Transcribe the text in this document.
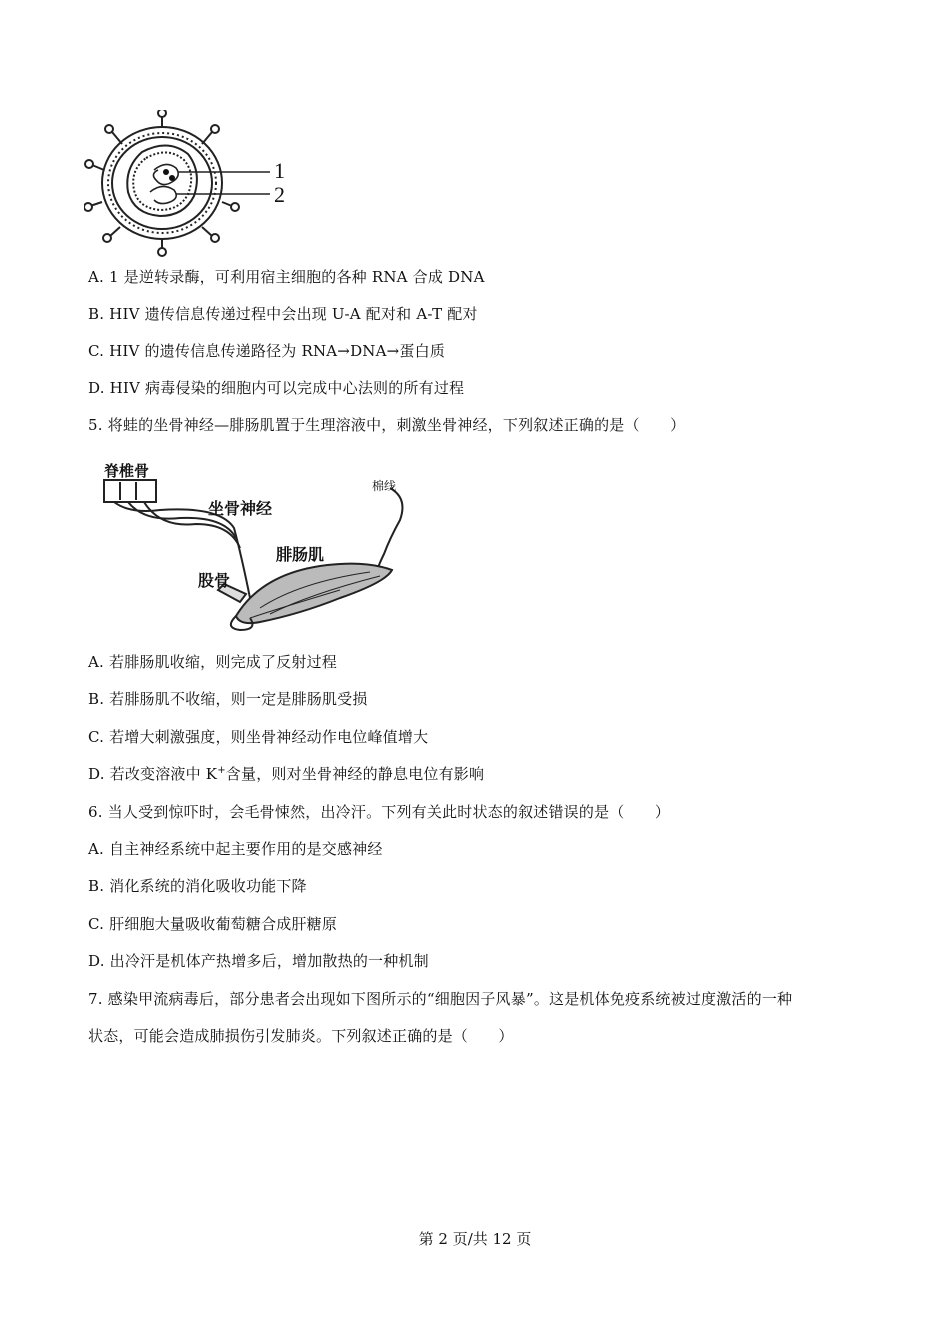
1
2
A. 1 是逆转录酶，可利用宿主细胞的各种 RNA 合成 DNA
B. HIV 遗传信息传递过程中会出现 U-A 配对和 A-T 配对
C. HIV 的遗传信息传递路径为 RNA→DNA→蛋白质
D. HIV 病毒侵染的细胞内可以完成中心法则的所有过程
5. 将蛙的坐骨神经—腓肠肌置于生理溶液中，刺激坐骨神经，下列叙述正确的是（　　）
脊椎骨
坐骨神经
棉线
腓肠肌
股骨
A. 若腓肠肌收缩，则完成了反射过程
B. 若腓肠肌不收缩，则一定是腓肠肌受损
C. 若增大刺激强度，则坐骨神经动作电位峰值增大
D. 若改变溶液中 K+含量，则对坐骨神经的静息电位有影响
6. 当人受到惊吓时，会毛骨悚然，出冷汗。下列有关此时状态的叙述错误的是（　　）
A. 自主神经系统中起主要作用的是交感神经
B. 消化系统的消化吸收功能下降
C. 肝细胞大量吸收葡萄糖合成肝糖原
D. 出冷汗是机体产热增多后，增加散热的一种机制
7. 感染甲流病毒后，部分患者会出现如下图所示的“细胞因子风暴”。这是机体免疫系统被过度激活的一种
状态，可能会造成肺损伤引发肺炎。下列叙述正确的是（　　）
第 2 页/共 12 页
